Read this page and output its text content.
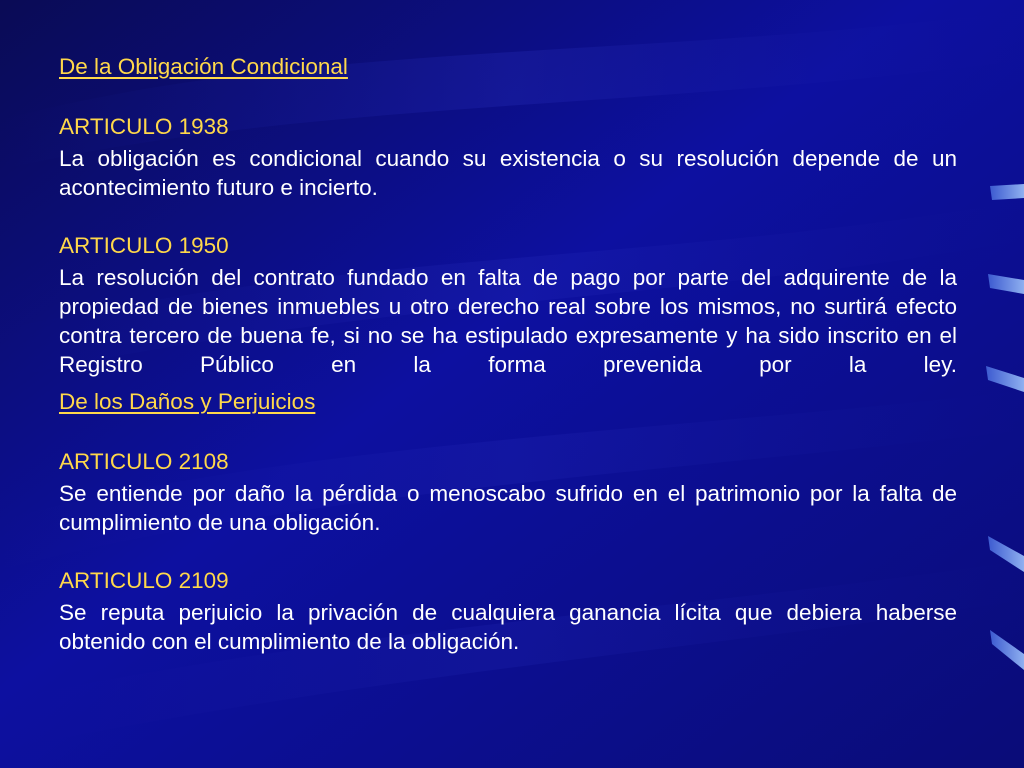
De la Obligación Condicional
ARTICULO 1938

La obligación es condicional cuando su existencia o su resolución depende de un acontecimiento futuro e incierto.

ARTICULO 1950

La resolución del contrato fundado en falta de pago por parte del adquirente de la propiedad de bienes inmuebles u otro derecho real sobre los mismos, no surtirá efecto contra tercero de buena fe, si no se ha estipulado expresamente y ha sido inscrito en el Registro Público en la forma prevenida por la ley.

De los Daños y Perjuicios
ARTICULO 2108

Se entiende por daño la pérdida o menoscabo sufrido en el patrimonio por la falta de cumplimiento de una obligación.

ARTICULO 2109

Se reputa perjuicio la privación de cualquiera ganancia lícita que debiera haberse obtenido con el cumplimiento de la obligación.
